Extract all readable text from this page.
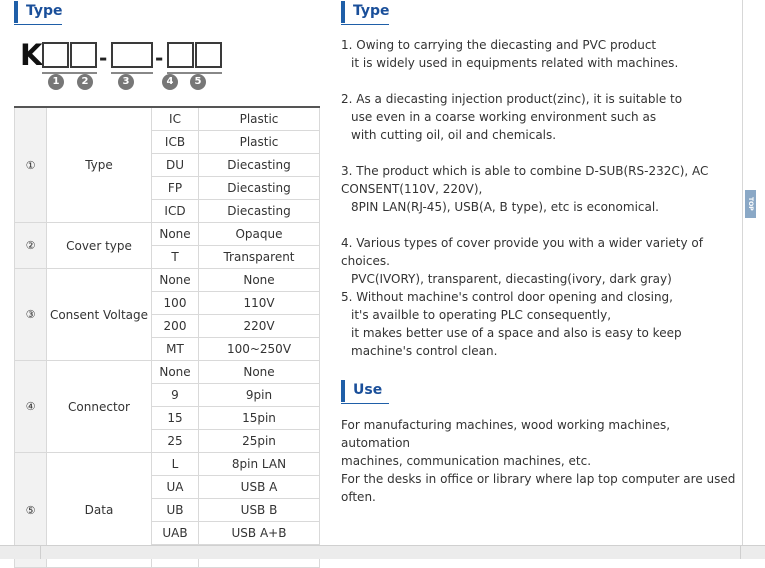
Type
K	- -
1	2	3	4	5
①	Type	IC	Plastic
		ICB	Plastic
		DU	Diecasting
		FP	Diecasting
		ICD	Diecasting
②	Cover type	None	Opaque
		T	Transparent
③	Consent Voltage	None	None
		100	110V
		200	220V
		MT	100~250V
④	Connector	None	None
		9	9pin
		15	15pin
		25	25pin
⑤	Data	L	8pin LAN
		UA	USB A
		UB	USB B
		UAB	USB A+B

Type
1. Owing to carrying the diecasting and PVC product
it is widely used in equipments related with machines.
2. As a diecasting injection product(zinc), it is suitable to
use even in a coarse working environment such as
with cutting oil, oil and chemicals.
3. The product which is able to combine D-SUB(RS-232C), AC
CONSENT(110V, 220V),
8PIN LAN(RJ-45), USB(A, B type), etc is economical.
4. Various types of cover provide you with a wider variety of choices.
PVC(IVORY), transparent, diecasting(ivory, dark gray)
5. Without machine's control door opening and closing,
it's availble to operating PLC consequently,
it makes better use of a space and also is easy to keep
machine's control clean.
Use
For manufacturing machines, wood working machines, automation
machines, communication machines, etc.
For the desks in office or library where lap top computer are used
often.
TOP
